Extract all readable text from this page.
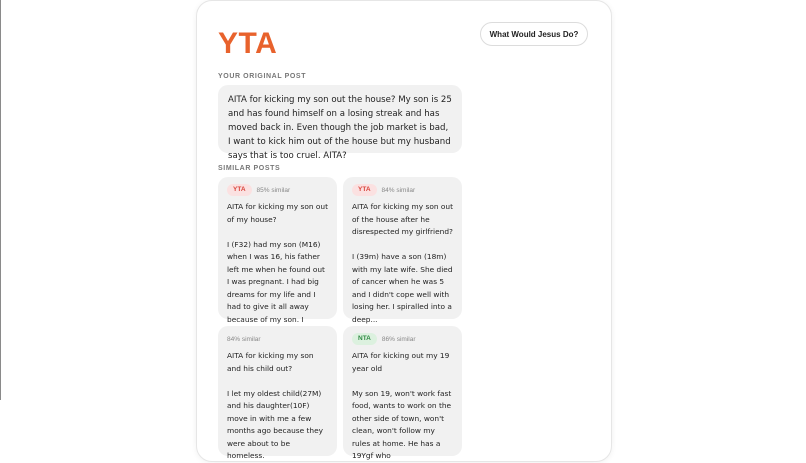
YTA	What Would Jesus Do?
YOUR ORIGINAL POST
AITA for kicking my son out the house? My son is 25 and has found himself on a losing streak and has moved back in. Even though the job market is bad, I want to kick him out of the house but my husband says that is too cruel. AITA?
SIMILAR POSTS
YTA	85% similar
AITA for kicking my son out of my house?
I (F32) had my son (M16) when I was 16, his father left me when he found out I was pregnant. I had big dreams for my life and I had to give it all away because of my son. I
YTA	84% similar
AITA for kicking my son out of the house after he disrespected my girlfriend?
I (39m) have a son (18m) with my late wife. She died of cancer when he was 5 and I didn't cope well with losing her. I spiralled into a deep...
84% similar
AITA for kicking my son and his child out?
I let my oldest child(27M) and his daughter(10F) move in with me a few months ago because they were about to be homeless.
NTA	86% similar
AITA for kicking out my 19 year old
My son 19, won't work fast food, wants to work on the other side of town, won't clean, won't follow my rules at home. He has a 19Ygf who
